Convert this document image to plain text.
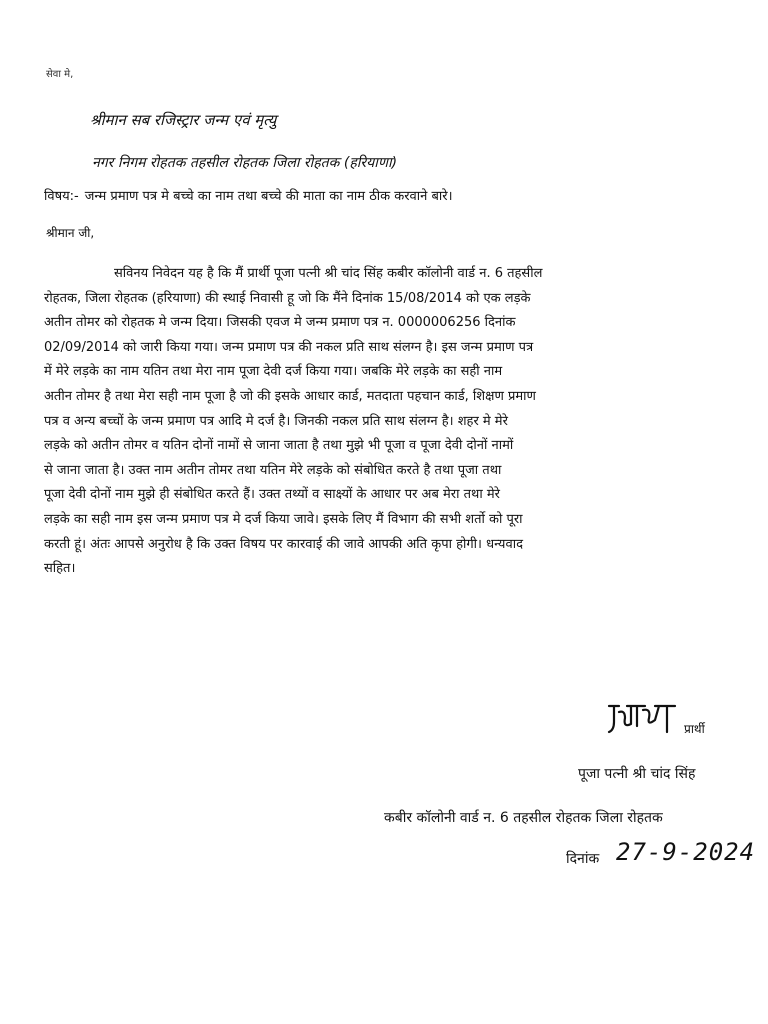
सेवा मे,
श्रीमान सब रजिस्ट्रार जन्म एवं मृत्यु
नगर निगम रोहतक तहसील रोहतक जिला रोहतक (हरियाणा)
विषय:- जन्म प्रमाण पत्र मे बच्चे का नाम तथा बच्चे की माता का नाम ठीक करवाने बारे।
श्रीमान जी,
सविनय निवेदन यह है कि मैं प्रार्थी पूजा पत्नी श्री चांद सिंह कबीर कॉलोनी वार्ड न. 6 तहसील
रोहतक, जिला रोहतक (हरियाणा) की स्थाई निवासी हू जो कि मैंने दिनांक 15/08/2014 को एक लड़के
अतीन तोमर को रोहतक मे जन्म दिया। जिसकी एवज मे जन्म प्रमाण पत्र न. 0000006256 दिनांक
02/09/2014 को जारी किया गया। जन्म प्रमाण पत्र की नकल प्रति साथ संलग्न है। इस जन्म प्रमाण पत्र
में मेरे लड़के का नाम यतिन तथा मेरा नाम पूजा देवी दर्ज किया गया। जबकि मेरे लड़के का सही नाम
अतीन तोमर है तथा मेरा सही नाम पूजा है जो की इसके आधार कार्ड, मतदाता पहचान कार्ड, शिक्षण प्रमाण
पत्र व अन्य बच्चों के जन्म प्रमाण पत्र आदि मे दर्ज है। जिनकी नकल प्रति साथ संलग्न है। शहर मे मेरे
लड़के को अतीन तोमर व यतिन दोनों नामों से जाना जाता है तथा मुझे भी पूजा व पूजा देवी दोनों नामों
से जाना जाता है। उक्त नाम अतीन तोमर तथा यतिन मेरे लड़के को संबोधित करते है तथा पूजा तथा
पूजा देवी दोनों नाम मुझे ही संबोधित करते हैं। उक्त तथ्यों व साक्ष्यों के आधार पर अब मेरा तथा मेरे
लड़के का सही नाम इस जन्म प्रमाण पत्र मे दर्ज किया जावे। इसके लिए मैं विभाग की सभी शर्तो को पूरा
करती हूं। अंतः आपसे अनुरोध है कि उक्त विषय पर कारवाई की जावे आपकी अति कृपा होगी। धन्यवाद
सहित।
प्रार्थी
पूजा पत्नी श्री चांद सिंह
कबीर कॉलोनी वार्ड न. 6 तहसील रोहतक जिला रोहतक
दिनांक 27-9-2024
